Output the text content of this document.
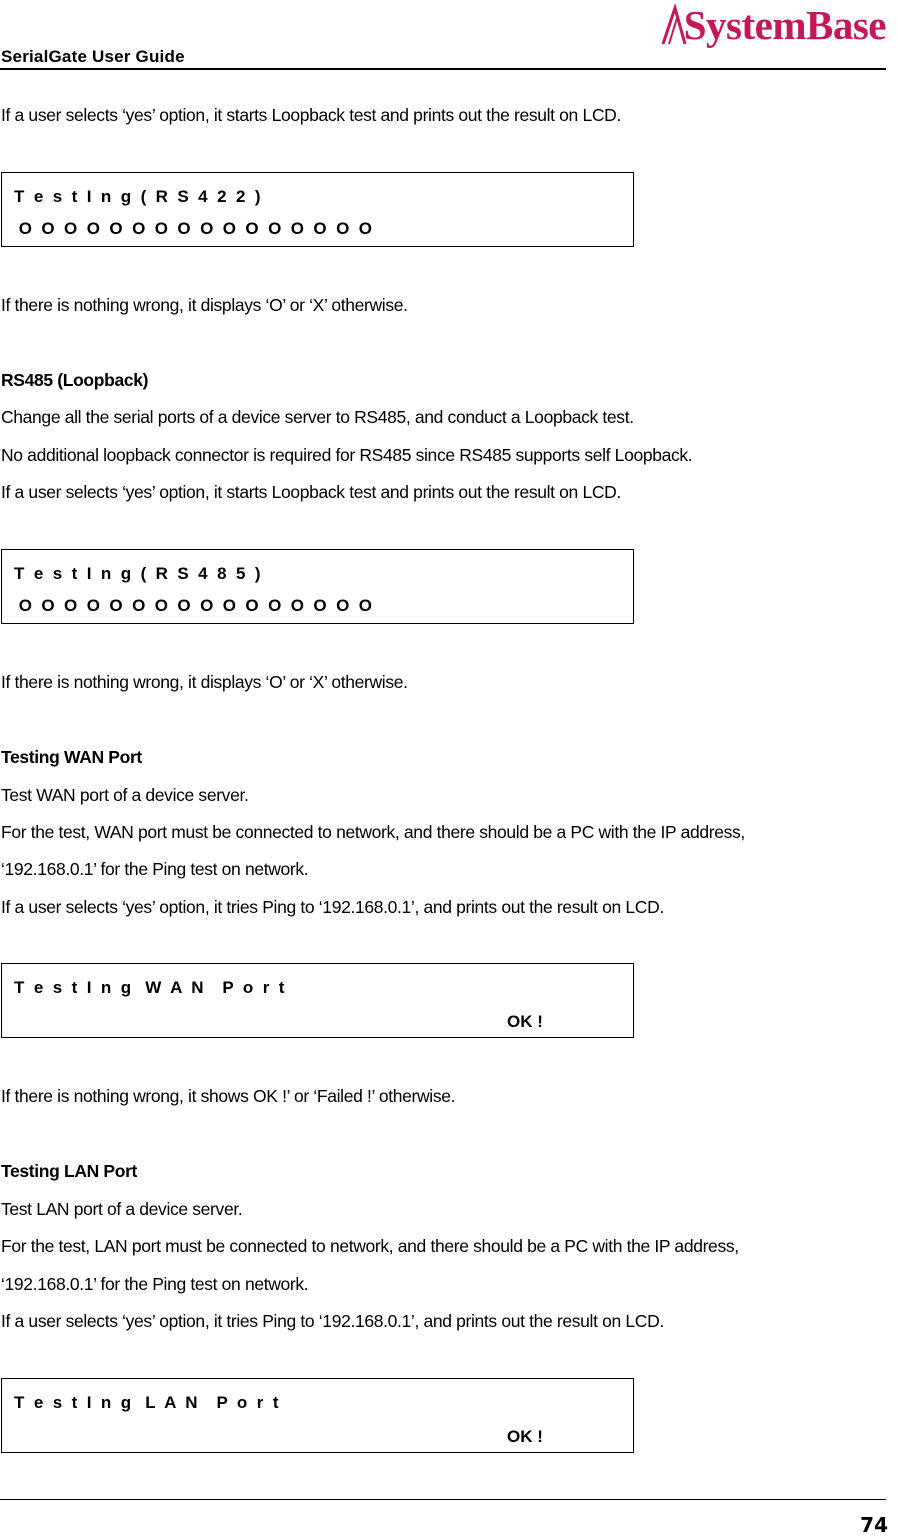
SerialGate User Guide
SystemBase
If a user selects ‘yes’ option, it starts Loopback test and prints out the result on LCD.
T  e  s  t  I  n  g  (  R  S  4  2  2  )
O  O  O  O  O  O  O  O  O  O  O  O  O  O  O  O
If there is nothing wrong, it displays ‘O’ or ‘X’ otherwise.
RS485 (Loopback)
Change all the serial ports of a device server to RS485, and conduct a Loopback test.
No additional loopback connector is required for RS485 since RS485 supports self Loopback.
If a user selects ‘yes’ option, it starts Loopback test and prints out the result on LCD.
T  e  s  t  I  n  g  (  R  S  4  8  5  )
O  O  O  O  O  O  O  O  O  O  O  O  O  O  O  O
If there is nothing wrong, it displays ‘O’ or ‘X’ otherwise.
Testing WAN Port
Test WAN port of a device server.
For the test, WAN port must be connected to network, and there should be a PC with the IP address,
‘192.168.0.1’ for the Ping test on network.
If a user selects ‘yes’ option, it tries Ping to ‘192.168.0.1’, and prints out the result on LCD.
T  e  s  t  I  n  g   W  A  N    P  o  r  t
OK !
If there is nothing wrong, it shows OK !’ or ‘Failed !’ otherwise.
Testing LAN Port
Test LAN port of a device server.
For the test, LAN port must be connected to network, and there should be a PC with the IP address,
‘192.168.0.1’ for the Ping test on network.
If a user selects ‘yes’ option, it tries Ping to ‘192.168.0.1’, and prints out the result on LCD.
T  e  s  t  I  n  g   L  A  N    P  o  r  t
OK !
74
